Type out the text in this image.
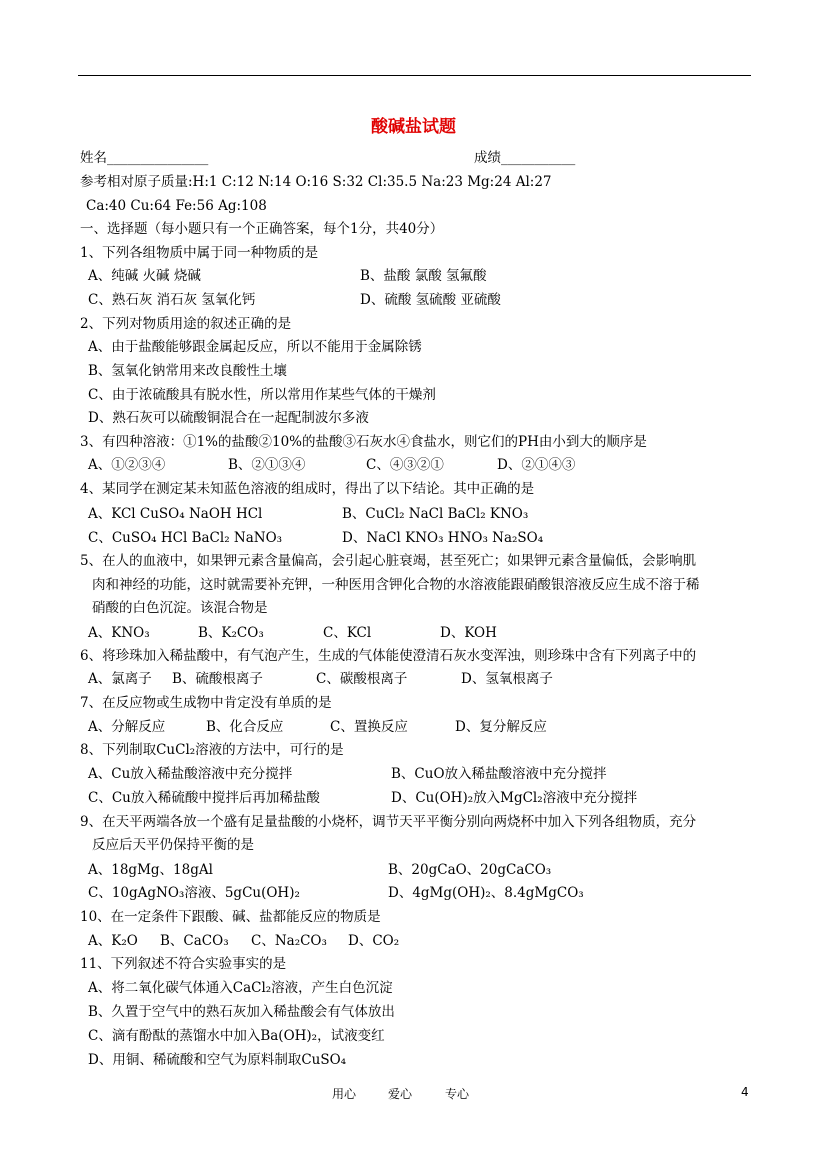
酸碱盐试题
姓名_______________	成绩___________
参考相对原子质量:H:1 C:12 N:14 O:16 S:32 Cl:35.5 Na:23 Mg:24 Al:27
Ca:40 Cu:64 Fe:56 Ag:108
一、选择题（每小题只有一个正确答案，每个1分，共40分）
1、下列各组物质中属于同一种物质的是
A、纯碱 火碱 烧碱	B、盐酸 氯酸 氢氟酸
C、熟石灰 消石灰 氢氧化钙	D、硫酸 氢硫酸 亚硫酸
2、下列对物质用途的叙述正确的是
A、由于盐酸能够跟金属起反应，所以不能用于金属除锈
B、氢氧化钠常用来改良酸性土壤
C、由于浓硫酸具有脱水性，所以常用作某些气体的干燥剂
D、熟石灰可以硫酸铜混合在一起配制波尔多液
3、有四种溶液：①1%的盐酸②10%的盐酸③石灰水④食盐水，则它们的PH由小到大的顺序是
A、①②③④	B、②①③④	C、④③②①	D、②①④③
4、某同学在测定某未知蓝色溶液的组成时，得出了以下结论。其中正确的是
A、KCl CuSO₄ NaOH HCl	B、CuCl₂ NaCl BaCl₂ KNO₃
C、CuSO₄ HCl BaCl₂ NaNO₃	D、NaCl KNO₃ HNO₃ Na₂SO₄
5、在人的血液中，如果钾元素含量偏高，会引起心脏衰竭，甚至死亡；如果钾元素含量偏低，会影响肌
肉和神经的功能，这时就需要补充钾，一种医用含钾化合物的水溶液能跟硝酸银溶液反应生成不溶于稀
硝酸的白色沉淀。该混合物是
A、KNO₃	B、K₂CO₃	C、KCl	D、KOH
6、将珍珠加入稀盐酸中，有气泡产生，生成的气体能使澄清石灰水变浑浊，则珍珠中含有下列离子中的
A、氯离子 B、硫酸根离子	C、碳酸根离子	D、氢氧根离子
7、在反应物或生成物中肯定没有单质的是
A、分解反应	B、化合反应	C、置换反应	D、复分解反应
8、下列制取CuCl₂溶液的方法中，可行的是
A、Cu放入稀盐酸溶液中充分搅拌	B、CuO放入稀盐酸溶液中充分搅拌
C、Cu放入稀硫酸中搅拌后再加稀盐酸	D、Cu(OH)₂放入MgCl₂溶液中充分搅拌
9、在天平两端各放一个盛有足量盐酸的小烧杯，调节天平平衡分别向两烧杯中加入下列各组物质，充分
反应后天平仍保持平衡的是
A、18gMg、18gAl	B、20gCaO、20gCaCO₃
C、10gAgNO₃溶液、5gCu(OH)₂	D、4gMg(OH)₂、8.4gMgCO₃
10、在一定条件下跟酸、碱、盐都能反应的物质是
A、K₂O B、CaCO₃ C、Na₂CO₃ D、CO₂
11、下列叙述不符合实验事实的是
A、将二氧化碳气体通入CaCl₂溶液，产生白色沉淀
B、久置于空气中的熟石灰加入稀盐酸会有气体放出
C、滴有酚酞的蒸馏水中加入Ba(OH)₂，试液变红
D、用铜、稀硫酸和空气为原料制取CuSO₄
用心	爱心	专心	4
